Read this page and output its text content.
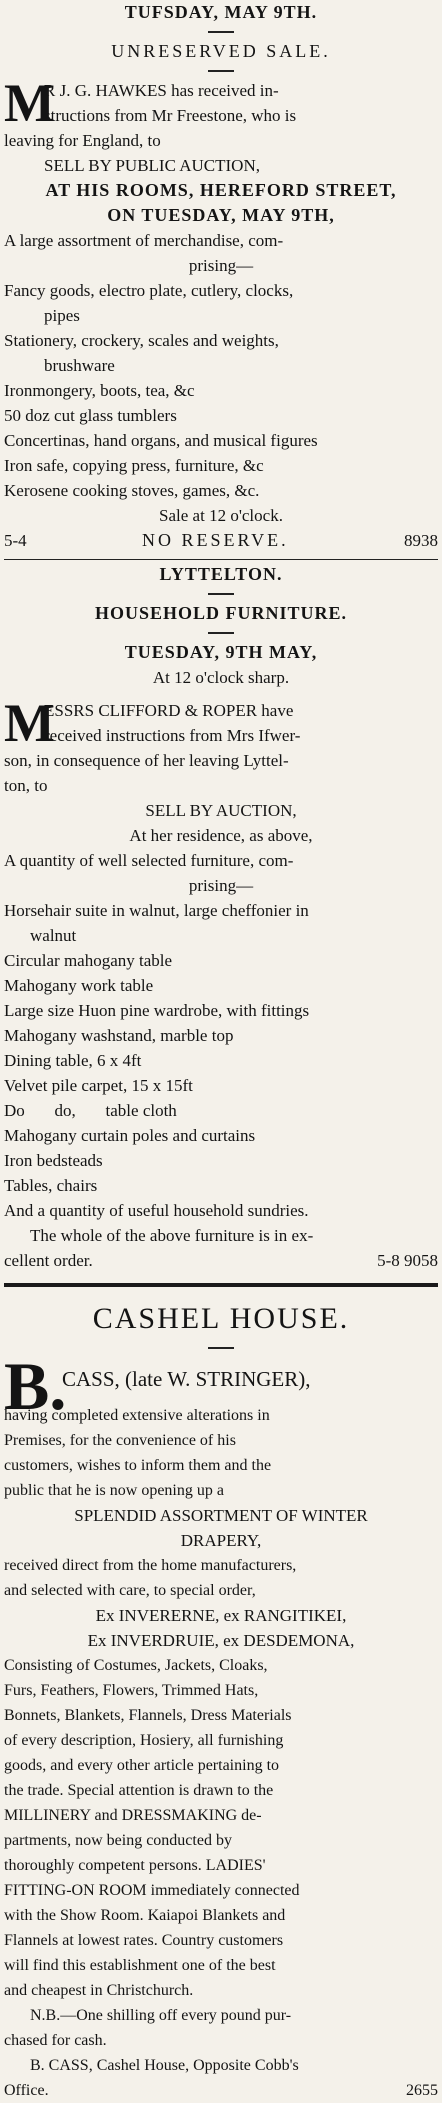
TUFSDAY, MAY 9TH.
UNRESERVED SALE.
M
R J. G. HAWKES has received in-
structions from Mr Freestone, who is
leaving for England, to
SELL BY PUBLIC AUCTION,
AT HIS ROOMS, HEREFORD STREET,
ON TUESDAY, MAY 9TH,
A large assortment of merchandise, com-
prising—
Fancy goods, electro plate, cutlery, clocks,
pipes
Stationery, crockery, scales and weights,
brushware
Ironmongery, boots, tea, &c
50 doz cut glass tumblers
Concertinas, hand organs, and musical figures
Iron safe, copying press, furniture, &c
Kerosene cooking stoves, games, &c.
Sale at 12 o'clock.
5-4	NO RESERVE.	8938
LYTTELTON.
HOUSEHOLD FURNITURE.
TUESDAY, 9TH MAY,
At 12 o'clock sharp.
M
ESSRS CLIFFORD & ROPER have
received instructions from Mrs Ifwer-
son, in consequence of her leaving Lyttel-
ton, to
SELL BY AUCTION,
At her residence, as above,
A quantity of well selected furniture, com-
prising—
Horsehair suite in walnut, large cheffonier in
walnut
Circular mahogany table
Mahogany work table
Large size Huon pine wardrobe, with fittings
Mahogany washstand, marble top
Dining table, 6 x 4ft
Velvet pile carpet, 15 x 15ft
Do       do,       table cloth
Mahogany curtain poles and curtains
Iron bedsteads
Tables, chairs
And a quantity of useful household sundries.
The whole of the above furniture is in ex-
cellent order.	5-8 9058
CASHEL HOUSE.
B.
CASS, (late W. STRINGER),
having completed extensive alterations in
Premises, for the convenience of his
customers, wishes to inform them and the
public that he is now opening up a
SPLENDID ASSORTMENT OF WINTER
DRAPERY,
received direct from the home manufacturers,
and selected with care, to special order,
Ex INVERERNE, ex RANGITIKEI,
Ex INVERDRUIE, ex DESDEMONA,
Consisting of Costumes, Jackets, Cloaks,
Furs, Feathers, Flowers, Trimmed Hats,
Bonnets, Blankets, Flannels, Dress Materials
of every description, Hosiery, all furnishing
goods, and every other article pertaining to
the trade. Special attention is drawn to the
MILLINERY and DRESSMAKING de-
partments, now being conducted by
thoroughly competent persons. LADIES'
FITTING-ON ROOM immediately connected
with the Show Room. Kaiapoi Blankets and
Flannels at lowest rates. Country customers
will find this establishment one of the best
and cheapest in Christchurch.
N.B.—One shilling off every pound pur-
chased for cash.
B. CASS, Cashel House, Opposite Cobb's
Office.	2655
